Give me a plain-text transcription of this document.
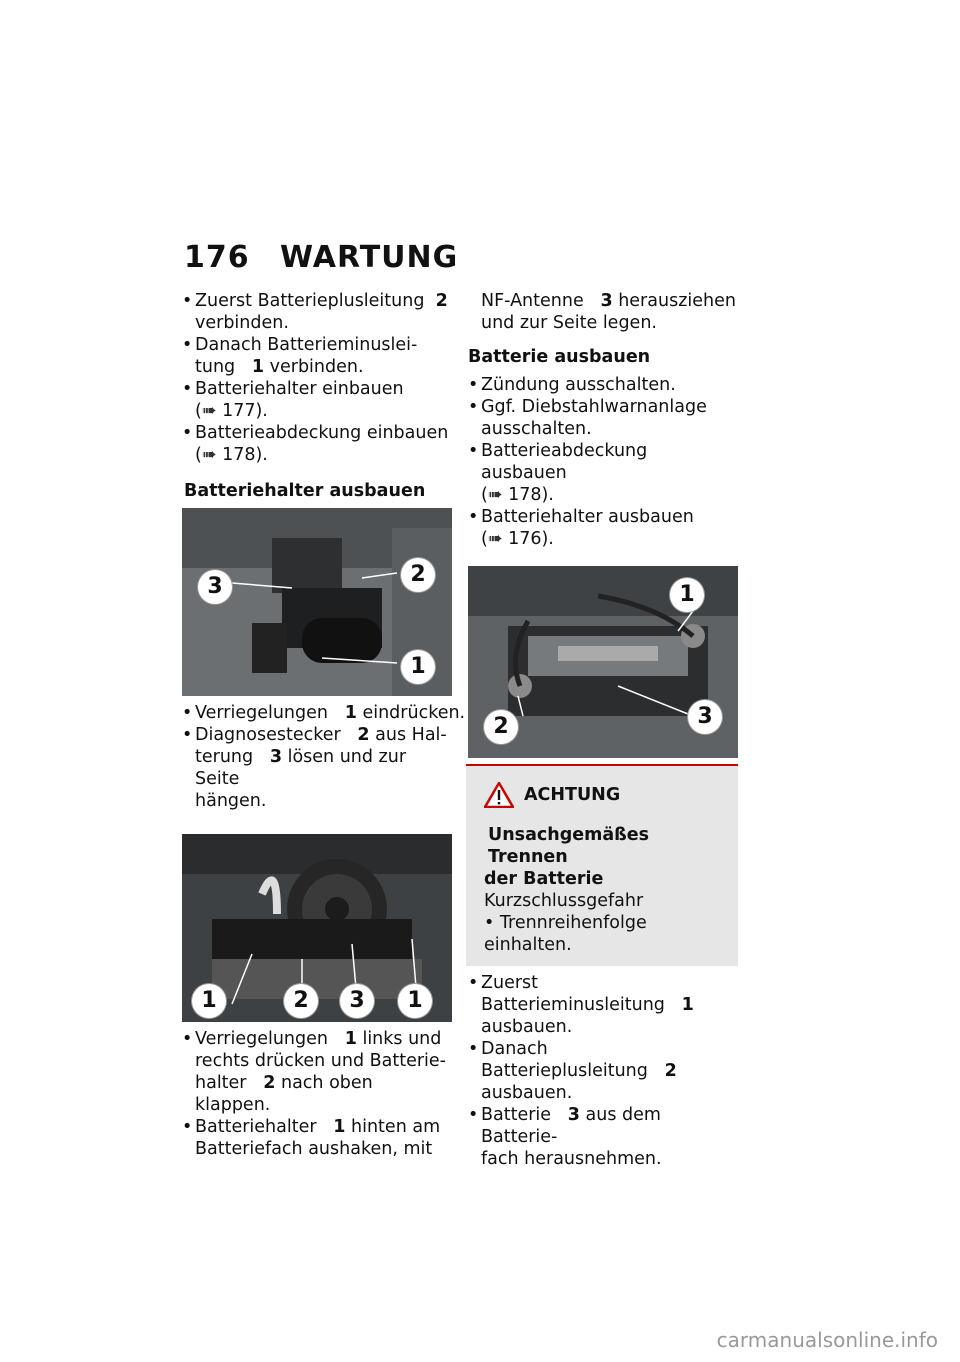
176 WARTUNG
• Zuerst Batterieplusleitung 2
verbinden.
• Danach Batterieminuslei-
tung 1 verbinden.
• Batteriehalter einbauen
(➠ 177).
• Batterieabdeckung einbauen
(➠ 178).
Batteriehalter ausbauen
3	2
1
• Verriegelungen 1 eindrücken.
• Diagnosestecker 2 aus Hal-
terung 3 lösen und zur Seite
hängen.
1	2	3	1
• Verriegelungen 1 links und
rechts drücken und Batterie-
halter 2 nach oben klappen.
• Batteriehalter 1 hinten am
Batteriefach aushaken, mit
NF-Antenne 3 herausziehen
und zur Seite legen.
Batterie ausbauen
• Zündung ausschalten.
• Ggf. Diebstahlwarnanlage
ausschalten.
• Batterieabdeckung ausbauen
(➠ 178).
• Batteriehalter ausbauen
(➠ 176).
1
2	3
ACHTUNG
Unsachgemäßes Trennen
der Batterie
Kurzschlussgefahr
• Trennreihenfolge einhalten.
• Zuerst Batterieminusleitung 1
ausbauen.
• Danach Batterieplusleitung 2
ausbauen.
• Batterie 3 aus dem Batterie-
fach herausnehmen.
carmanualsonline.info
